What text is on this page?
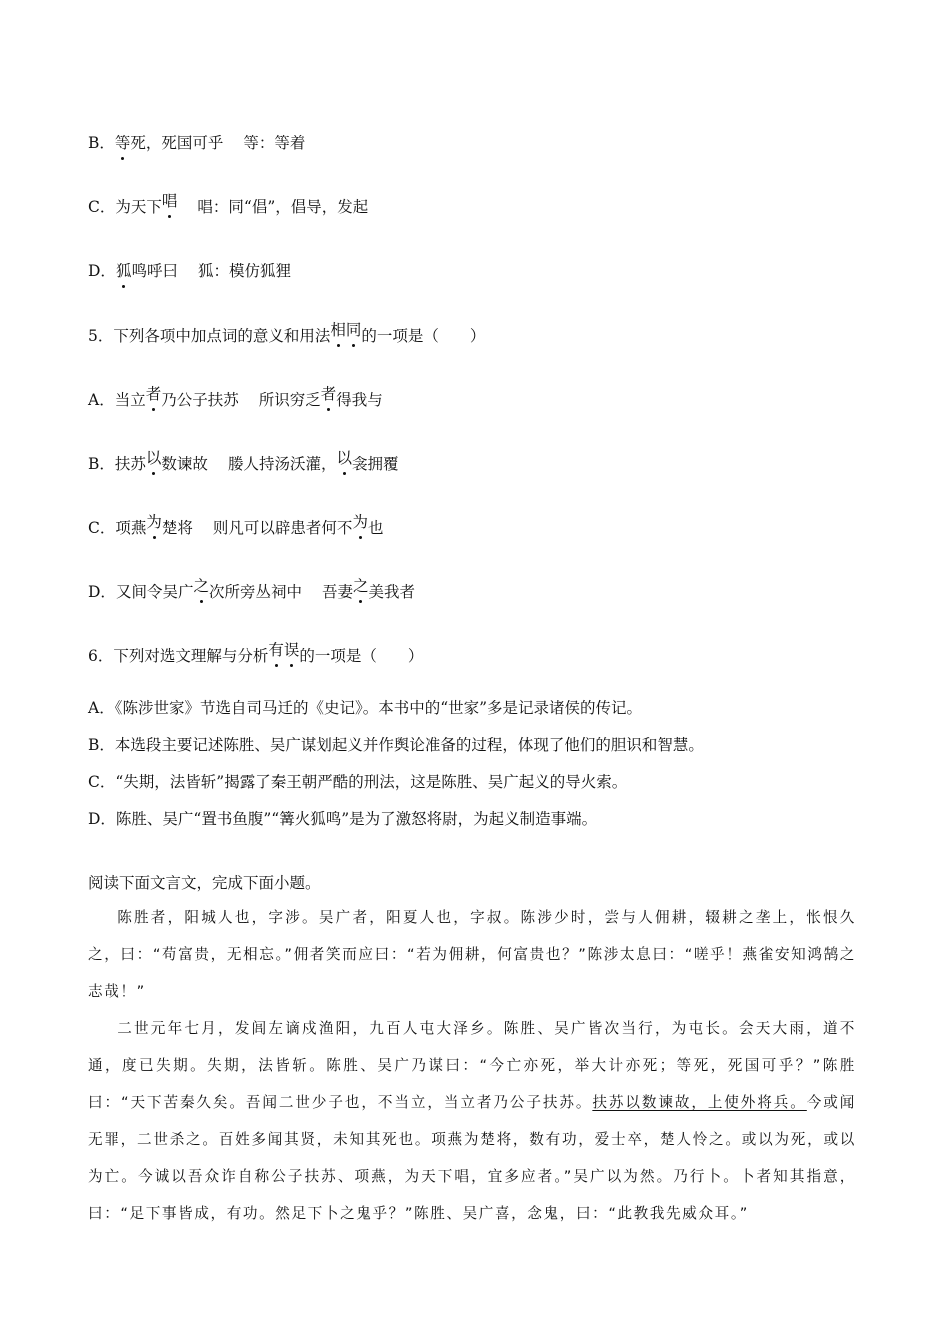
B．等死，死国可乎 等：等着
C．为天下唱 唱：同“倡”，倡导，发起
D．狐鸣呼曰 狐：模仿狐狸
5．下列各项中加点词的意义和用法相同的一项是（　　）
A．当立者乃公子扶苏 所识穷乏者得我与
B．扶苏以数谏故 媵人持汤沃灌，以衾拥覆
C．项燕为楚将 则凡可以辟患者何不为也
D．又间令吴广之次所旁丛祠中 吾妻之美我者
6．下列对选文理解与分析有误的一项是（　　）
A．《陈涉世家》节选自司马迁的《史记》。本书中的“世家”多是记录诸侯的传记。
B．本选段主要记述陈胜、吴广谋划起义并作舆论准备的过程，体现了他们的胆识和智慧。
C．“失期，法皆斩”揭露了秦王朝严酷的刑法，这是陈胜、吴广起义的导火索。
D．陈胜、吴广“置书鱼腹”“篝火狐鸣”是为了激怒将尉，为起义制造事端。
阅读下面文言文，完成下面小题。

陈胜者，阳城人也，字涉。吴广者，阳夏人也，字叔。陈涉少时，尝与人佣耕，辍耕之垄上，怅恨久之，曰：“苟富贵，无相忘。”佣者笑而应曰：“若为佣耕，何富贵也？”陈涉太息曰：“嗟乎！燕雀安知鸿鹄之志哉！”

二世元年七月，发闾左谪戍渔阳，九百人屯大泽乡。陈胜、吴广皆次当行，为屯长。会天大雨，道不通，度已失期。失期，法皆斩。陈胜、吴广乃谋曰：“今亡亦死，举大计亦死；等死，死国可乎？”陈胜曰：“天下苦秦久矣。吾闻二世少子也，不当立，当立者乃公子扶苏。扶苏以数谏故，上使外将兵。今或闻无罪，二世杀之。百姓多闻其贤，未知其死也。项燕为楚将，数有功，爱士卒，楚人怜之。或以为死，或以为亡。今诚以吾众诈自称公子扶苏、项燕，为天下唱，宜多应者。”吴广以为然。乃行卜。卜者知其指意，曰：“足下事皆成，有功。然足下卜之鬼乎？”陈胜、吴广喜，念鬼，曰：“此教我先威众耳。”
